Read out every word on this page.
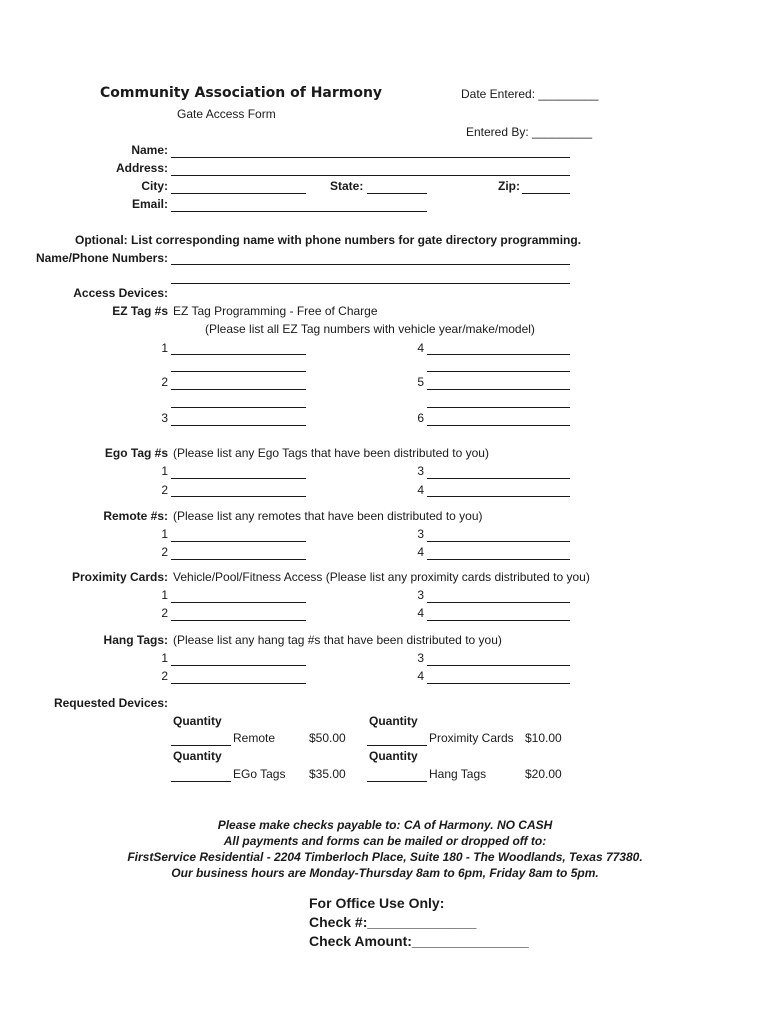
Community Association of Harmony
Gate Access Form
Date Entered: _________
Entered By: _________
Name:
Address:
City:	State:	Zip:
Email:
Optional: List corresponding name with phone numbers for gate directory programming.
Name/Phone Numbers:
Access Devices:
EZ Tag #s EZ Tag Programming - Free of Charge
(Please list all EZ Tag numbers with vehicle year/make/model)
1	4
2	5
3	6
Ego Tag #s (Please list any Ego Tags that have been distributed to you)
1	3
2	4
Remote #s: (Please list any remotes that have been distributed to you)
1	3
2	4
Proximity Cards: Vehicle/Pool/Fitness Access (Please list any proximity cards distributed to you)
1	3
2	4
Hang Tags: (Please list any hang tag #s that have been distributed to you)
1	3
2	4
Requested Devices:
Quantity	Quantity
Remote	$50.00	Proximity Cards $10.00
Quantity	Quantity
EGo Tags $35.00	Hang Tags	$20.00
Please make checks payable to: CA of Harmony. NO CASH
All payments and forms can be mailed or dropped off to:
FirstService Residential - 2204 Timberloch Place, Suite 180 - The Woodlands, Texas 77380.
Our business hours are Monday-Thursday 8am to 6pm, Friday 8am to 5pm.
For Office Use Only:
Check #:______________
Check Amount:_______________
